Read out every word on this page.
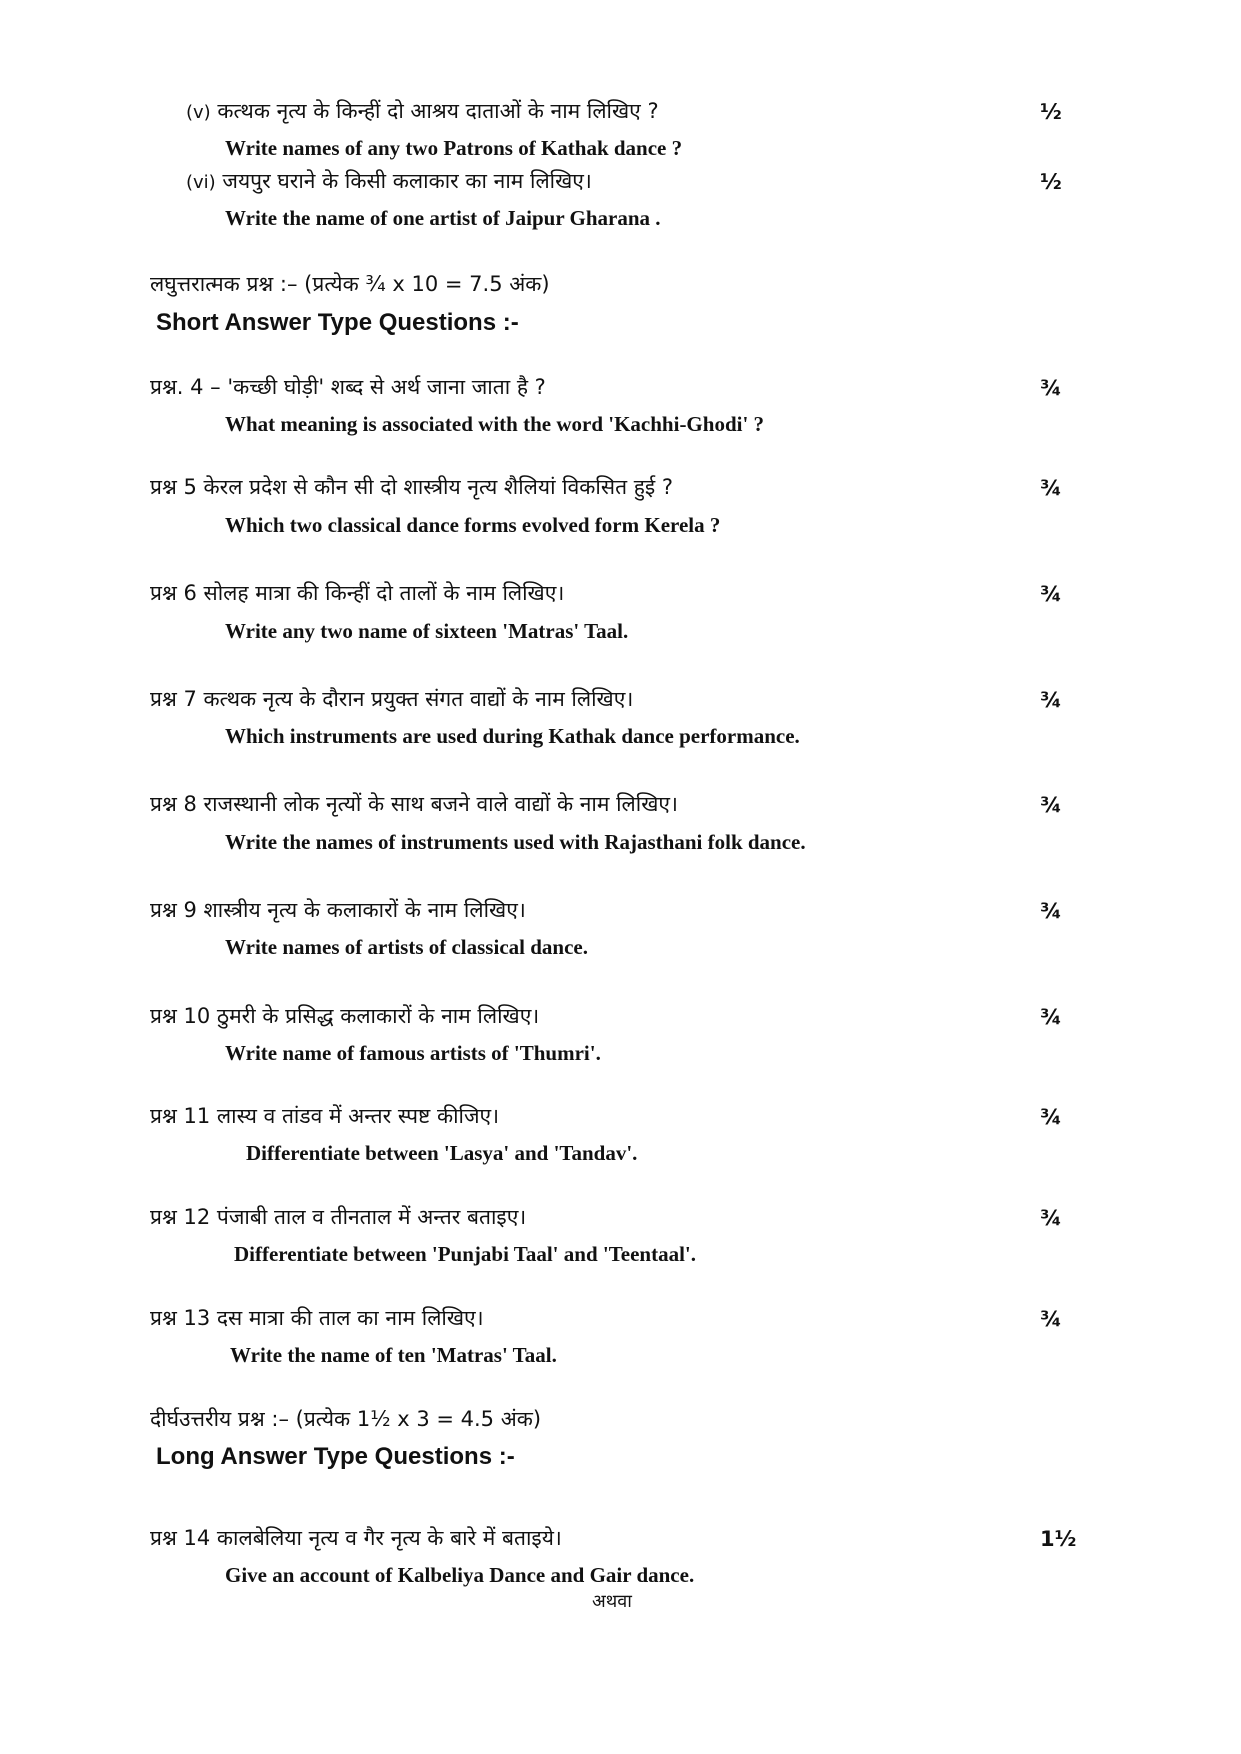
(v) कत्थक नृत्य के किन्हीं दो आश्रय दाताओं के नाम लिखिए ?	½
Write names of any two Patrons of Kathak dance ?
(vi) जयपुर घराने के किसी कलाकार का नाम लिखिए।	½
Write the name of one artist of Jaipur Gharana .
लघुत्तरात्मक प्रश्न :– (प्रत्येक ¾ x 10 = 7.5 अंक)
Short Answer Type Questions :-
प्रश्न. 4 – 'कच्छी घोड़ी' शब्द से अर्थ जाना जाता है ?	¾
What meaning is associated with the word 'Kachhi-Ghodi' ?
प्रश्न 5 केरल प्रदेश से कौन सी दो शास्त्रीय नृत्य शैलियां विकसित हुई ?	¾
Which two classical dance forms evolved form Kerela ?
प्रश्न 6 सोलह मात्रा की किन्हीं दो तालों के नाम लिखिए।	¾
Write any two name of sixteen 'Matras' Taal.
प्रश्न 7 कत्थक नृत्य के दौरान प्रयुक्त संगत वाद्यों के नाम लिखिए।	¾
Which instruments are used during Kathak dance performance.
प्रश्न 8 राजस्थानी लोक नृत्यों के साथ बजने वाले वाद्यों के नाम लिखिए।	¾
Write the names of instruments used with Rajasthani folk dance.
प्रश्न 9 शास्त्रीय नृत्य के कलाकारों के नाम लिखिए।	¾
Write names of artists of classical dance.
प्रश्न 10 ठुमरी के प्रसिद्ध कलाकारों के नाम लिखिए।	¾
Write name of famous artists of 'Thumri'.
प्रश्न 11 लास्य व तांडव में अन्तर स्पष्ट कीजिए।	¾
Differentiate between 'Lasya' and 'Tandav'.
प्रश्न 12 पंजाबी ताल व तीनताल में अन्तर बताइए।	¾
Differentiate between 'Punjabi Taal' and 'Teentaal'.
प्रश्न 13 दस मात्रा की ताल का नाम लिखिए।	¾
Write the name of ten 'Matras' Taal.
दीर्घउत्तरीय प्रश्न :– (प्रत्येक 1½ x 3 = 4.5 अंक)
Long Answer Type Questions :-
प्रश्न 14 कालबेलिया नृत्य व गैर नृत्य के बारे में बताइये।	1½
Give an account of Kalbeliya Dance and Gair dance.
अथवा
